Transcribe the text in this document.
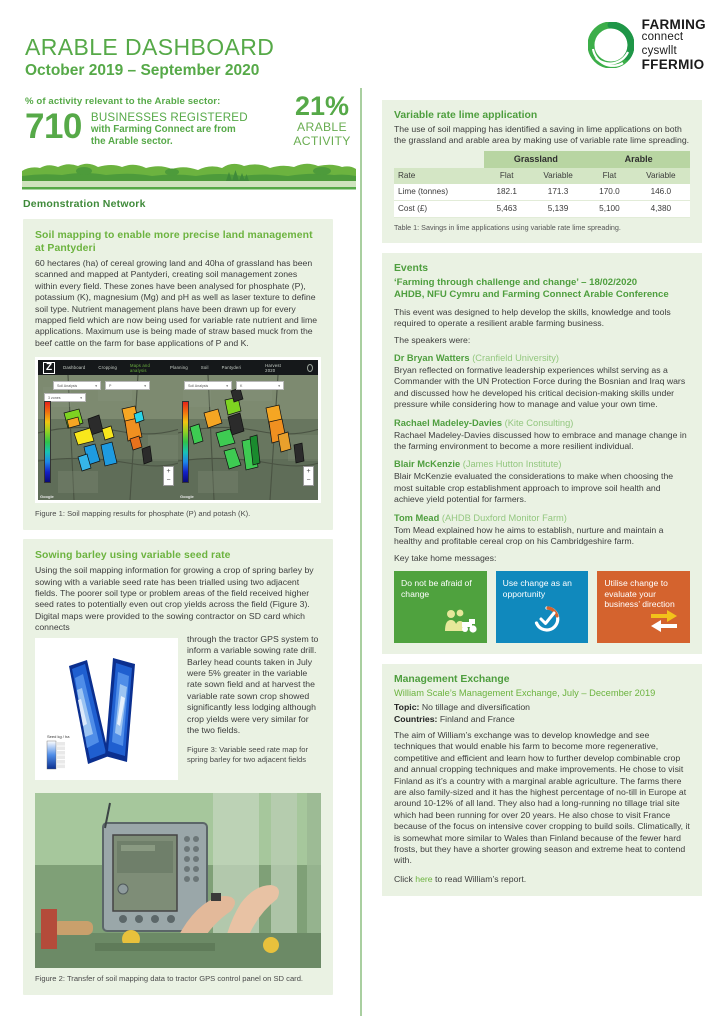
ARABLE DASHBOARD
October 2019 – September 2020
FARMING
connect
cyswllt
FFERMIO
% of activity relevant to the Arable sector:
710 BUSINESSES REGISTERED
with Farming Connect are from
the Arable sector.
21%
ARABLE
ACTIVITY
Demonstration Network
Soil mapping to enable more precise land management at Pantyderi
60 hectares (ha) of cereal growing land and 40ha of grassland has been scanned and mapped at Pantyderi, creating soil management zones within every field. These zones have been analysed for phosphate (P), potassium (K), magnesium (Mg) and pH as well as laser texture to define soil type. Nutrient management plans have been drawn up for every mapped field which are now being used for variable rate nutrient and lime applications. Maximum use is being made of straw based muck from the beef cattle on the farm for base applications of P and K.
Z	Dashboard	Cropping	Maps and analysis	Planning	Soil	Pantyderi	Harvest 2020
Soil Analysis	▾	P	▾
3 zones	▾
+
−
Google
Soil Analysis	▾	K	▾
+
−
Google
Figure 1: Soil mapping results for phosphate (P) and potash (K).
Sowing barley using variable seed rate
Using the soil mapping information for growing a crop of spring barley by sowing with a variable seed rate has been trialled using two adjacent fields. The poorer soil type or problem areas of the field received higher seed rates to potentially even out crop yields across the field (Figure 3). Digital maps were provided to the sowing contractor on SD card which connects
Seed kg / ha
through the tractor GPS system to inform a variable sowing rate drill. Barley head counts taken in July were 5% greater in the variable rate sown field and at harvest the variable rate sown crop showed significantly less lodging although crop yields were very similar for the two fields.
Figure 3: Variable seed rate map for spring barley for two adjacent fields
Figure 2: Transfer of soil mapping data to tractor GPS control panel on SD card.
Variable rate lime application
The use of soil mapping has identified a saving in lime applications on both the grassland and arable area by making use of variable rate lime spreading.
	Grassland		Arable	
Rate	Flat	Variable	Flat	Variable
Lime (tonnes)	182.1	171.3	170.0	146.0
Cost (£)	5,463	5,139	5,100	4,380
Table 1: Savings in lime applications using variable rate lime spreading.
Events
‘Farming through challenge and change’ – 18/02/2020
AHDB, NFU Cymru and Farming Connect Arable Conference
This event was designed to help develop the skills, knowledge and tools required to operate a resilient arable farming business.
The speakers were:
Dr Bryan Watters (Cranfield University)
Bryan reflected on formative leadership experiences whilst serving as a Commander with the UN Protection Force during the Bosnian and Iraq wars and discussed how he developed his critical decision-making skills under pressure while considering how to manage and value your own time.
Rachael Madeley-Davies (Kite Consulting)
Rachael Madeley-Davies discussed how to embrace and manage change in the farming environment to become a more resilient individual.
Blair McKenzie (James Hutton Institute)
Blair McKenzie evaluated the considerations to make when choosing the most suitable crop establishment approach to improve soil health and achieve yield potential for farmers.
Tom Mead (AHDB Duxford Monitor Farm)
Tom Mead explained how he aims to establish, nurture and maintain a healthy and profitable cereal crop on his Cambridgeshire farm.
Key take home messages:
Do not be afraid of change
Use change as an opportunity
Utilise change to evaluate your business’ direction
Management Exchange
William Scale’s Management Exchange, July – December 2019
Topic: No tillage and diversification
Countries: Finland and France
The aim of William’s exchange was to develop knowledge and see techniques that would enable his farm to become more regenerative, competitive and efficient and learn how to further develop combinable crop and annual cropping techniques and make improvements. He chose to visit Finland as it’s a country with a marginal arable agriculture. The farms there are also family-sized and it has the highest percentage of no-till in Europe at around 10-12% of all land. They also had a long-running no tillage trial site which had been running for over 20 years. He also chose to visit France because of the focus on intensive cover cropping to build soils. Climatically, it is somewhat more similar to Wales than Finland because of the fewer hard frosts, but they have a shorter growing season and extreme heat to contend with.
Click here to read William’s report.
